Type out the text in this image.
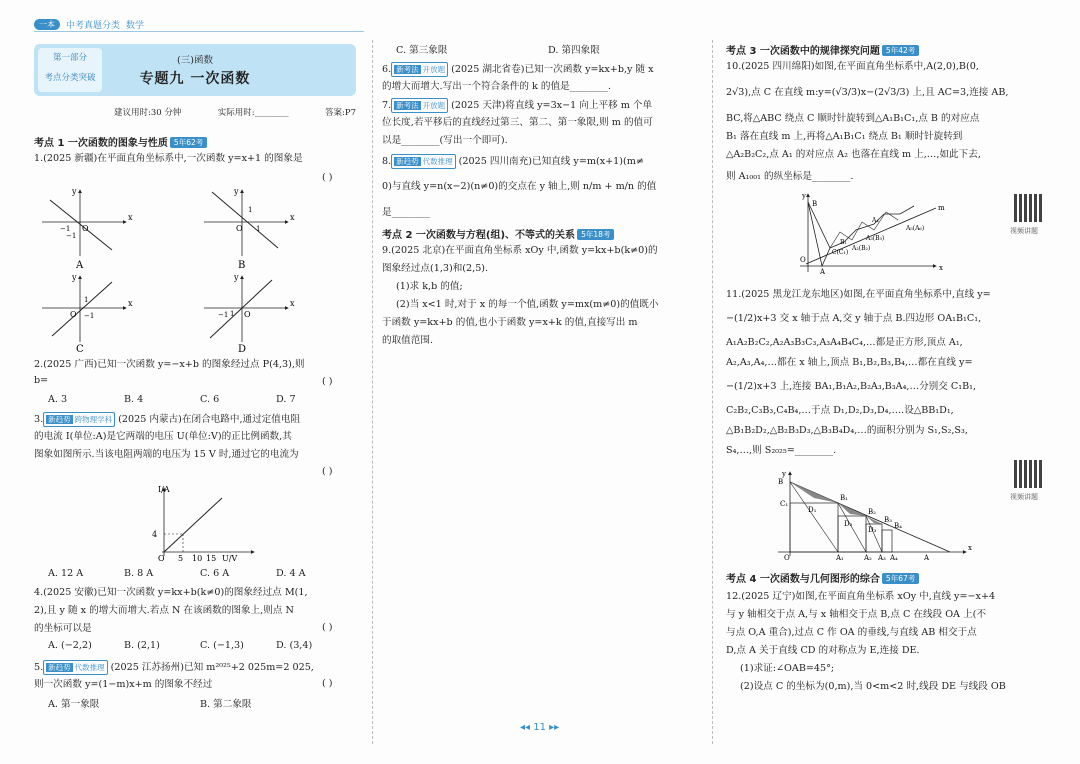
一本	中考真题分类 数学
第一部分
考点分类突破
(三)函数
专题九 一次函数
建议用时:30 分钟	实际用时:________	答案:P7
考点 1 一次函数的图象与性质 5年62考
1.(2025 新疆)在平面直角坐标系中,一次函数 y=x+1 的图象是
( )
x
y
O
−1
−1
A
x
y
O
1
1
B
x
y
O
1
−1
C
x
y
O
1
−1
D
2.(2025 广西)已知一次函数 y=−x+b 的图象经过点 P(4,3),则
b=	( )
A. 3	B. 4	C. 6	D. 7
3. 新趋势 跨物理学科 (2025 内蒙古)在闭合电路中,通过定值电阻
的电流 I(单位:A)是它两端的电压 U(单位:V)的正比例函数,其
图象如图所示.当该电阻两端的电压为 15 V 时,通过它的电流为
( )
I/A
4
O 5 10 15 U/V
A. 12 A	B. 8 A	C. 6 A	D. 4 A
4.(2025 安徽)已知一次函数 y=kx+b(k≠0)的图象经过点 M(1,
2),且 y 随 x 的增大而增大.若点 N 在该函数的图象上,则点 N
的坐标可以是	( )
A. (−2,2)	B. (2,1)	C. (−1,3)	D. (3,4)
5. 新趋势 代数推理 (2025 江苏扬州)已知 m²⁰²⁵+2 025m=2 025,
则一次函数 y=(1−m)x+m 的图象不经过	( )
A. 第一象限	B. 第二象限
C. 第三象限	D. 第四象限
6. 新考法 开放题 (2025 湖北省卷)已知一次函数 y=kx+b,y 随 x
的增大而增大.写出一个符合条件的 k 的值是________.
7. 新考法 开放题 (2025 天津)将直线 y=3x−1 向上平移 m 个单
位长度,若平移后的直线经过第三、第二、第一象限,则 m 的值可
以是________(写出一个即可).
8. 新趋势 代数推理 (2025 四川南充)已知直线 y=m(x+1)(m≠
0)与直线 y=n(x−2)(n≠0)的交点在 y 轴上,则 n/m + m/n 的值
是________
考点 2 一次函数与方程(组)、不等式的关系 5年18考
9.(2025 北京)在平面直角坐标系 xOy 中,函数 y=kx+b(k≠0)的
图象经过点(1,3)和(2,5).
(1)求 k,b 的值;
(2)当 x<1 时,对于 x 的每一个值,函数 y=mx(m≠0)的值既小
于函数 y=kx+b 的值,也小于函数 y=x+k 的值,直接写出 m
的取值范围.
考点 3 一次函数中的规律探究问题 5年42考
10.(2025 四川绵阳)如图,在平面直角坐标系中,A(2,0),B(0,
2√3),点 C 在直线 m:y=(√3/3)x−(2√3/3) 上,且 AC=3,连接 AB,
BC,将△ABC 绕点 C 顺时针旋转到△A₁B₁C₁,点 B 的对应点
B₁ 落在直线 m 上,再将△A₁B₁C₁ 绕点 B₁ 顺时针旋转到
△A₂B₂C₂,点 A₁ 的对应点 A₂ 也落在直线 m 上,…,如此下去,
则 A₁₀₀₁ 的纵坐标是________.
x
y
m
O
B
A
C(C₁)
B₁
A₂(B₂)
A₃(B₃)
A₄
A₅(A₆)	视频讲题
11.(2025 黑龙江龙东地区)如图,在平面直角坐标系中,直线 y=
−(1/2)x+3 交 x 轴于点 A,交 y 轴于点 B.四边形 OA₁B₁C₁,
A₁A₂B₂C₂,A₂A₃B₃C₃,A₃A₄B₄C₄,…都是正方形,顶点 A₁,
A₂,A₃,A₄,…都在 x 轴上,顶点 B₁,B₂,B₃,B₄,…都在直线 y=
−(1/2)x+3 上,连接 BA₁,B₁A₂,B₂A₃,B₃A₄,…分别交 C₁B₁,
C₂B₂,C₃B₃,C₄B₄,…于点 D₁,D₂,D₃,D₄,….设△BB₁D₁,
△B₁B₂D₂,△B₂B₃D₃,△B₃B₄D₄,…的面积分别为 S₁,S₂,S₃,
S₄,…,则 S₂₀₂₅=________.
视频讲题
x
y
B
C₁
O	A₁	A₂ A₃ A₄	A
B₁
B₂
B₃
B₄
D₁
D₂
D₃
考点 4 一次函数与几何图形的综合 5年67考
12.(2025 辽宁)如图,在平面直角坐标系 xOy 中,直线 y=−x+4
与 y 轴相交于点 A,与 x 轴相交于点 B,点 C 在线段 OA 上(不
与点 O,A 重合),过点 C 作 OA 的垂线,与直线 AB 相交于点
D,点 A 关于直线 CD 的对称点为 E,连接 DE.
(1)求证:∠OAB=45°;
(2)设点 C 的坐标为(0,m),当 0<m<2 时,线段 DE 与线段 OB
◂◂ 11 ▸▸
